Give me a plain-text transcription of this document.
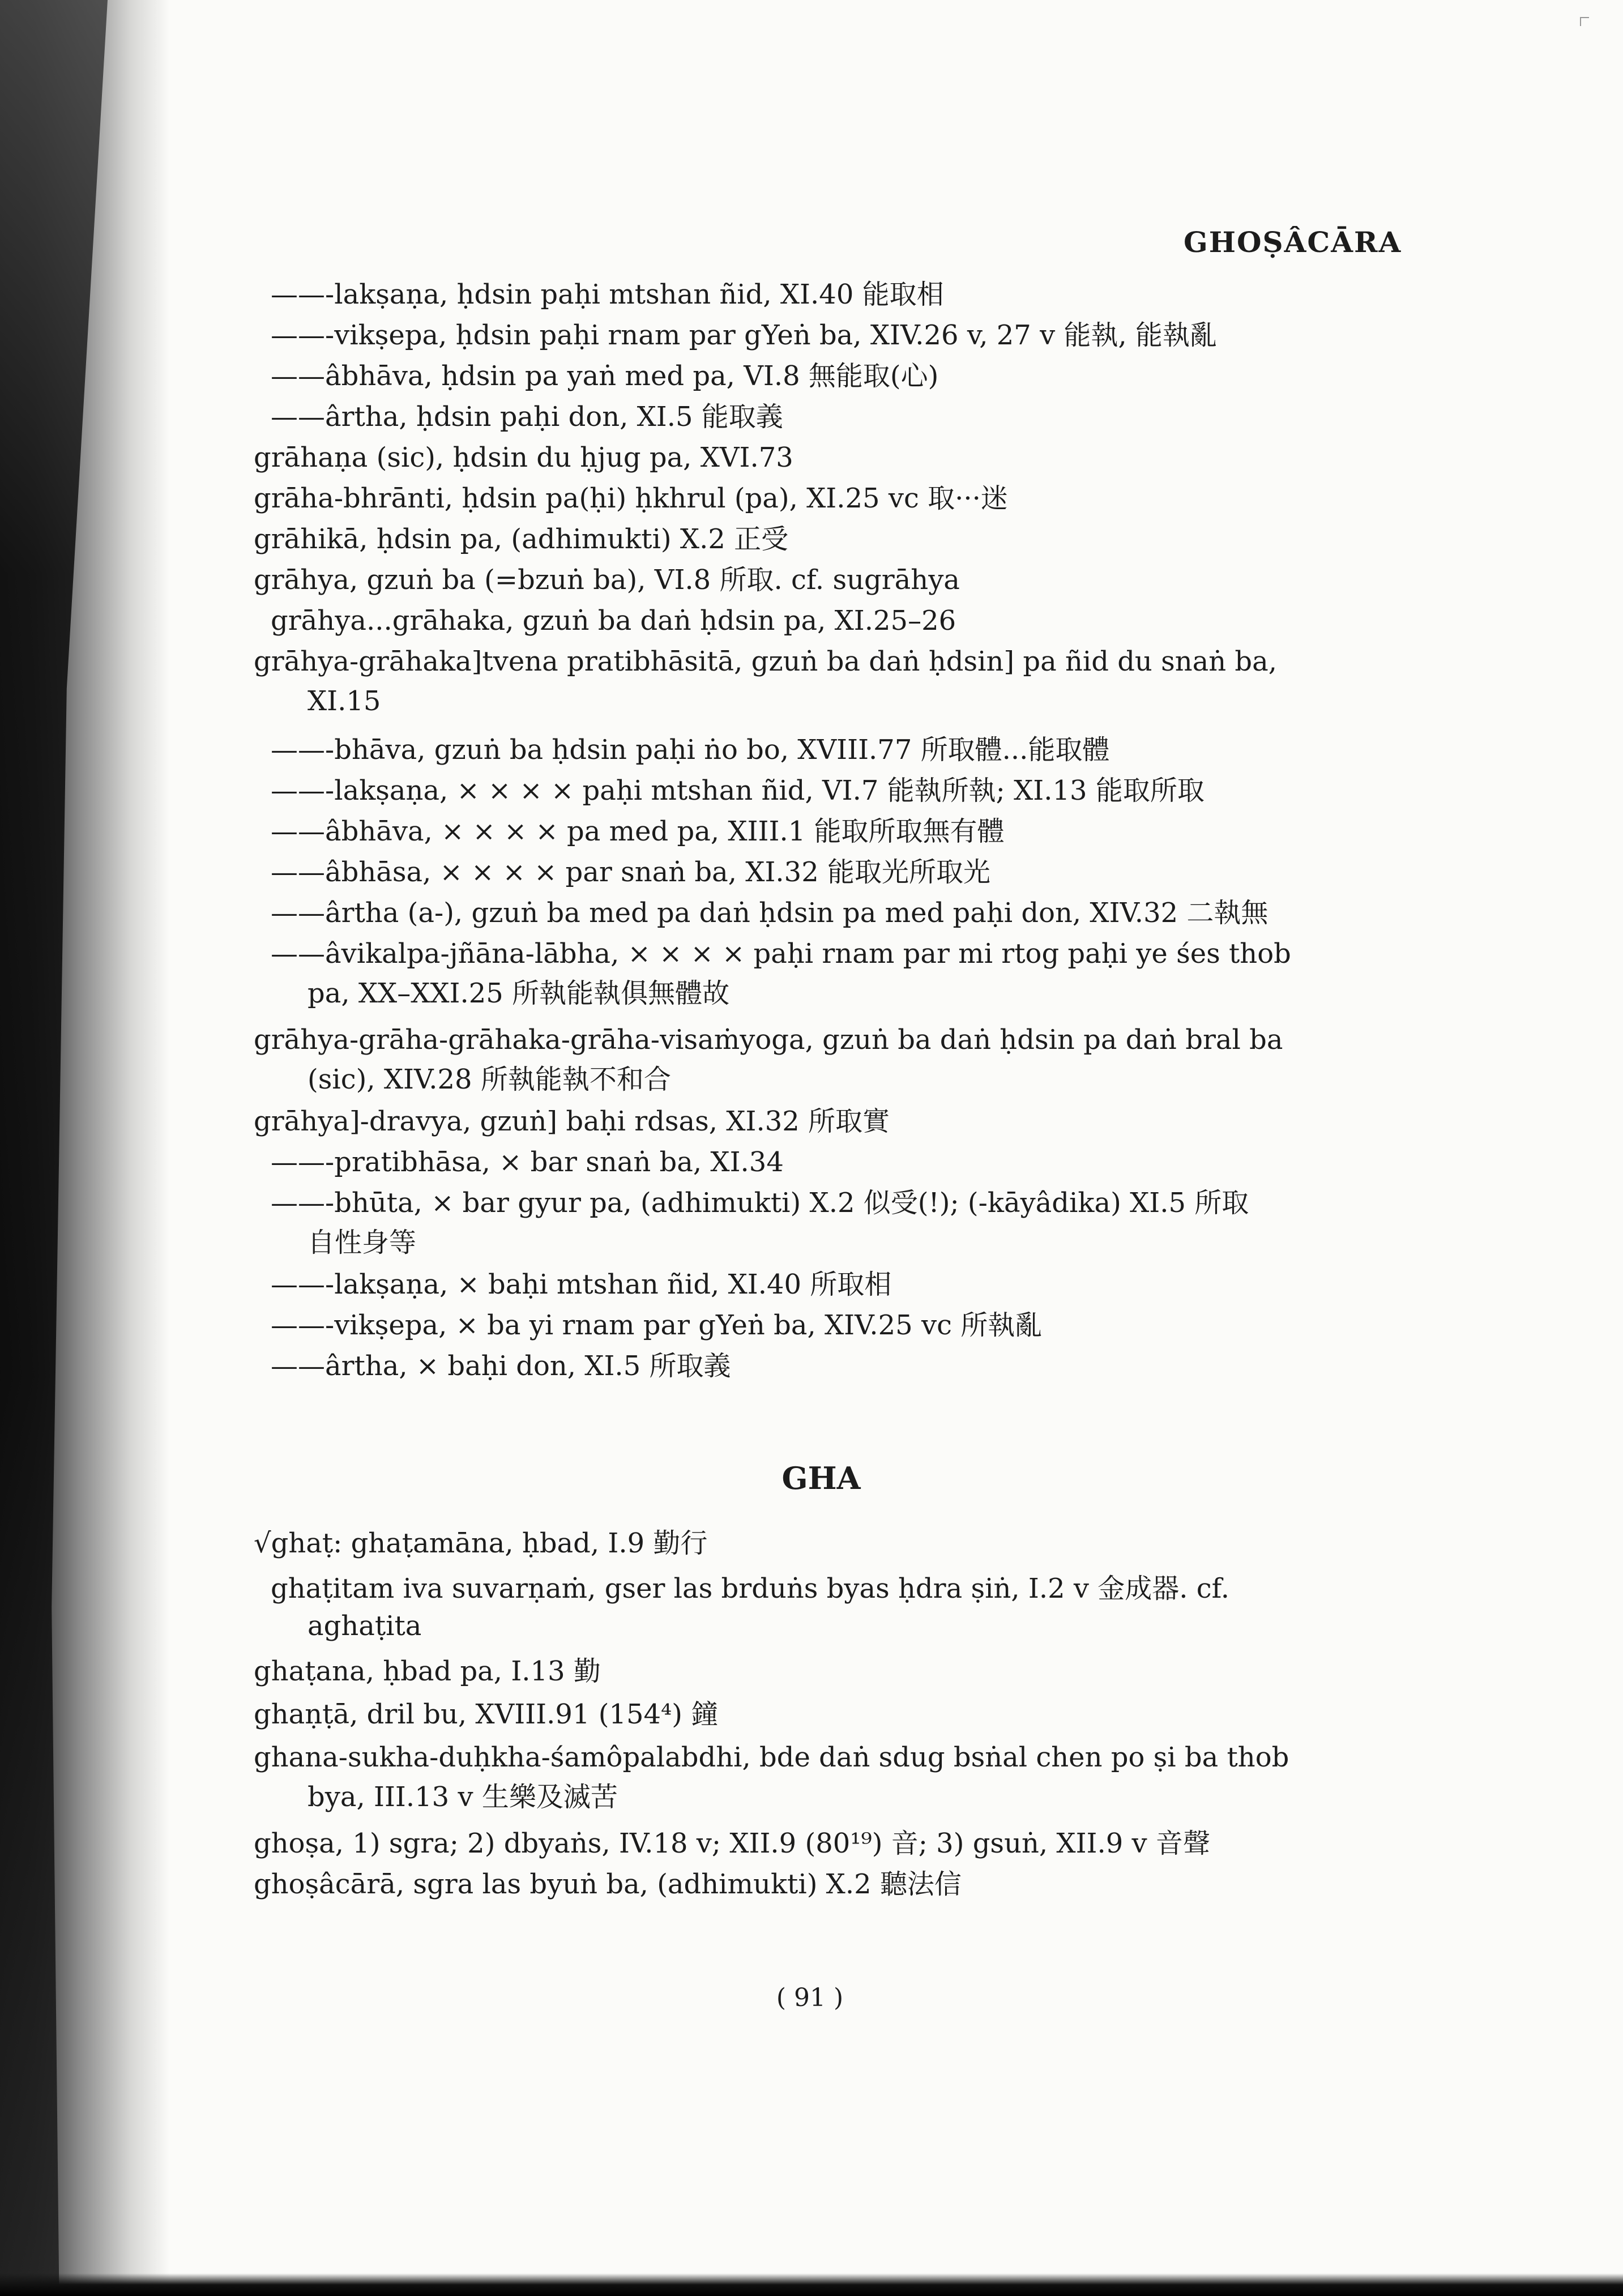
GHOṢÂCĀRA
——-lakṣaṇa, ḥdsin paḥi mtshan ñid, XI.40 能取相
——-vikṣepa, ḥdsin paḥi rnam par gYeṅ ba, XIV.26 v, 27 v 能執, 能執亂
——âbhāva, ḥdsin pa yaṅ med pa, VI.8 無能取(心)
——ârtha, ḥdsin paḥi don, XI.5 能取義
grāhaṇa (sic), ḥdsin du ḥjug pa, XVI.73
grāha-bhrānti, ḥdsin pa(ḥi) ḥkhrul (pa), XI.25 vc 取···迷
grāhikā, ḥdsin pa, (adhimukti) X.2 正受
grāhya, gzuṅ ba (=bzuṅ ba), VI.8 所取. cf. sugrāhya
grāhya...grāhaka, gzuṅ ba daṅ ḥdsin pa, XI.25–26
grāhya-grāhaka]tvena pratibhāsitā, gzuṅ ba daṅ ḥdsin] pa ñid du snaṅ ba,
XI.15
——-bhāva, gzuṅ ba ḥdsin paḥi ṅo bo, XVIII.77 所取體...能取體
——-lakṣaṇa, × × × × paḥi mtshan ñid, VI.7 能執所執; XI.13 能取所取
——âbhāva, × × × × pa med pa, XIII.1 能取所取無有體
——âbhāsa, × × × × par snaṅ ba, XI.32 能取光所取光
——ârtha (a-), gzuṅ ba med pa daṅ ḥdsin pa med paḥi don, XIV.32 二執無
——âvikalpa-jñāna-lābha, × × × × paḥi rnam par mi rtog paḥi ye śes thob
pa, XX–XXI.25 所執能執俱無體故
grāhya-grāha-grāhaka-grāha-visaṁyoga, gzuṅ ba daṅ ḥdsin pa daṅ bral ba
(sic), XIV.28 所執能執不和合
grāhya]-dravya, gzuṅ] baḥi rdsas, XI.32 所取實
——-pratibhāsa, × bar snaṅ ba, XI.34
——-bhūta, × bar gyur pa, (adhimukti) X.2 似受(!); (-kāyâdika) XI.5 所取
自性身等
——-lakṣaṇa, × baḥi mtshan ñid, XI.40 所取相
——-vikṣepa, × ba yi rnam par gYeṅ ba, XIV.25 vc 所執亂
——ârtha, × baḥi don, XI.5 所取義
GHA
√ghaṭ: ghaṭamāna, ḥbad, I.9 勤行
ghaṭitam iva suvarṇaṁ, gser las brduṅs byas ḥdra ṣiṅ, I.2 v 金成器. cf.
aghaṭita
ghaṭana, ḥbad pa, I.13 勤
ghaṇṭā, dril bu, XVIII.91 (154⁴) 鐘
ghana-sukha-duḥkha-śamôpalabdhi, bde daṅ sdug bsṅal chen po ṣi ba thob
bya, III.13 v 生樂及滅苦
ghoṣa, 1) sgra; 2) dbyaṅs, IV.18 v; XII.9 (80¹⁹) 音; 3) gsuṅ, XII.9 v 音聲
ghoṣâcārā, sgra las byuṅ ba, (adhimukti) X.2 聽法信
( 91 )
